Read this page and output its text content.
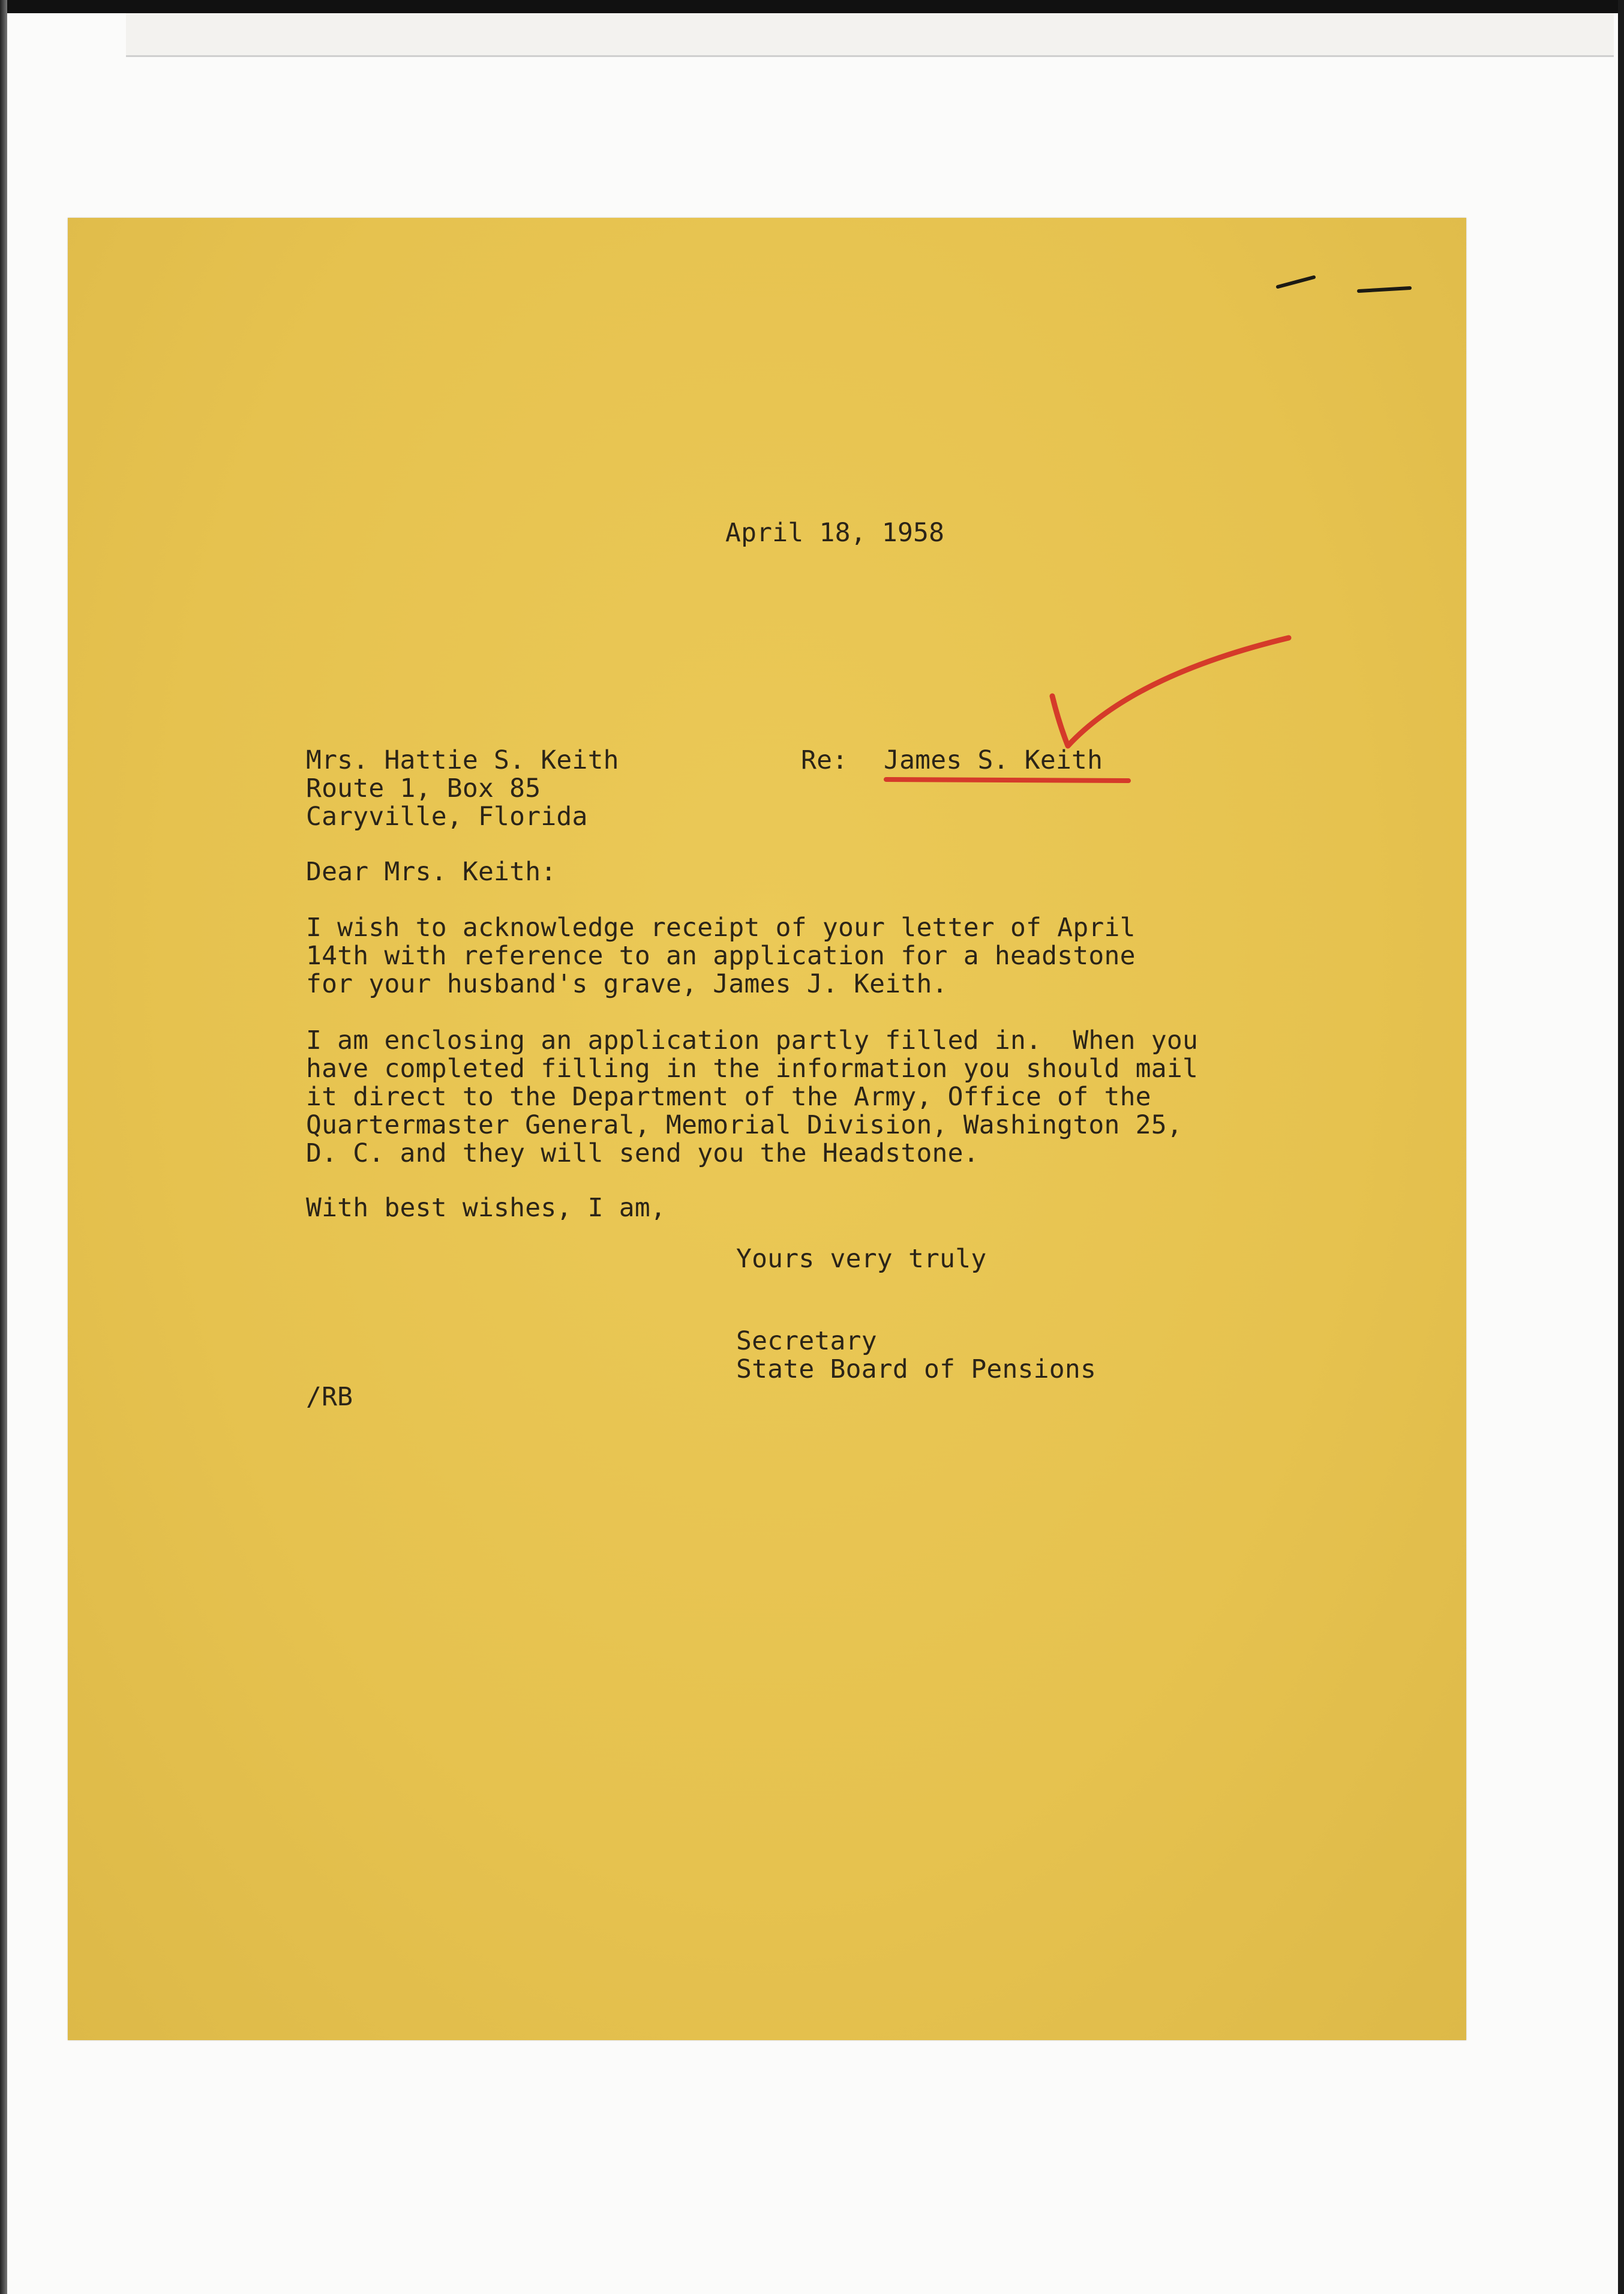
April 18, 1958
Mrs. Hattie S. Keith
Route 1, Box 85
Caryville, Florida
Re: James S. Keith
Dear Mrs. Keith:
I wish to acknowledge receipt of your letter of April
14th with reference to an application for a headstone
for your husband's grave, James J. Keith.
I am enclosing an application partly filled in.  When you
have completed filling in the information you should mail
it direct to the Department of the Army, Office of the
Quartermaster General, Memorial Division, Washington 25,
D. C. and they will send you the Headstone.
With best wishes, I am,
Yours very truly
Secretary
State Board of Pensions
/RB
